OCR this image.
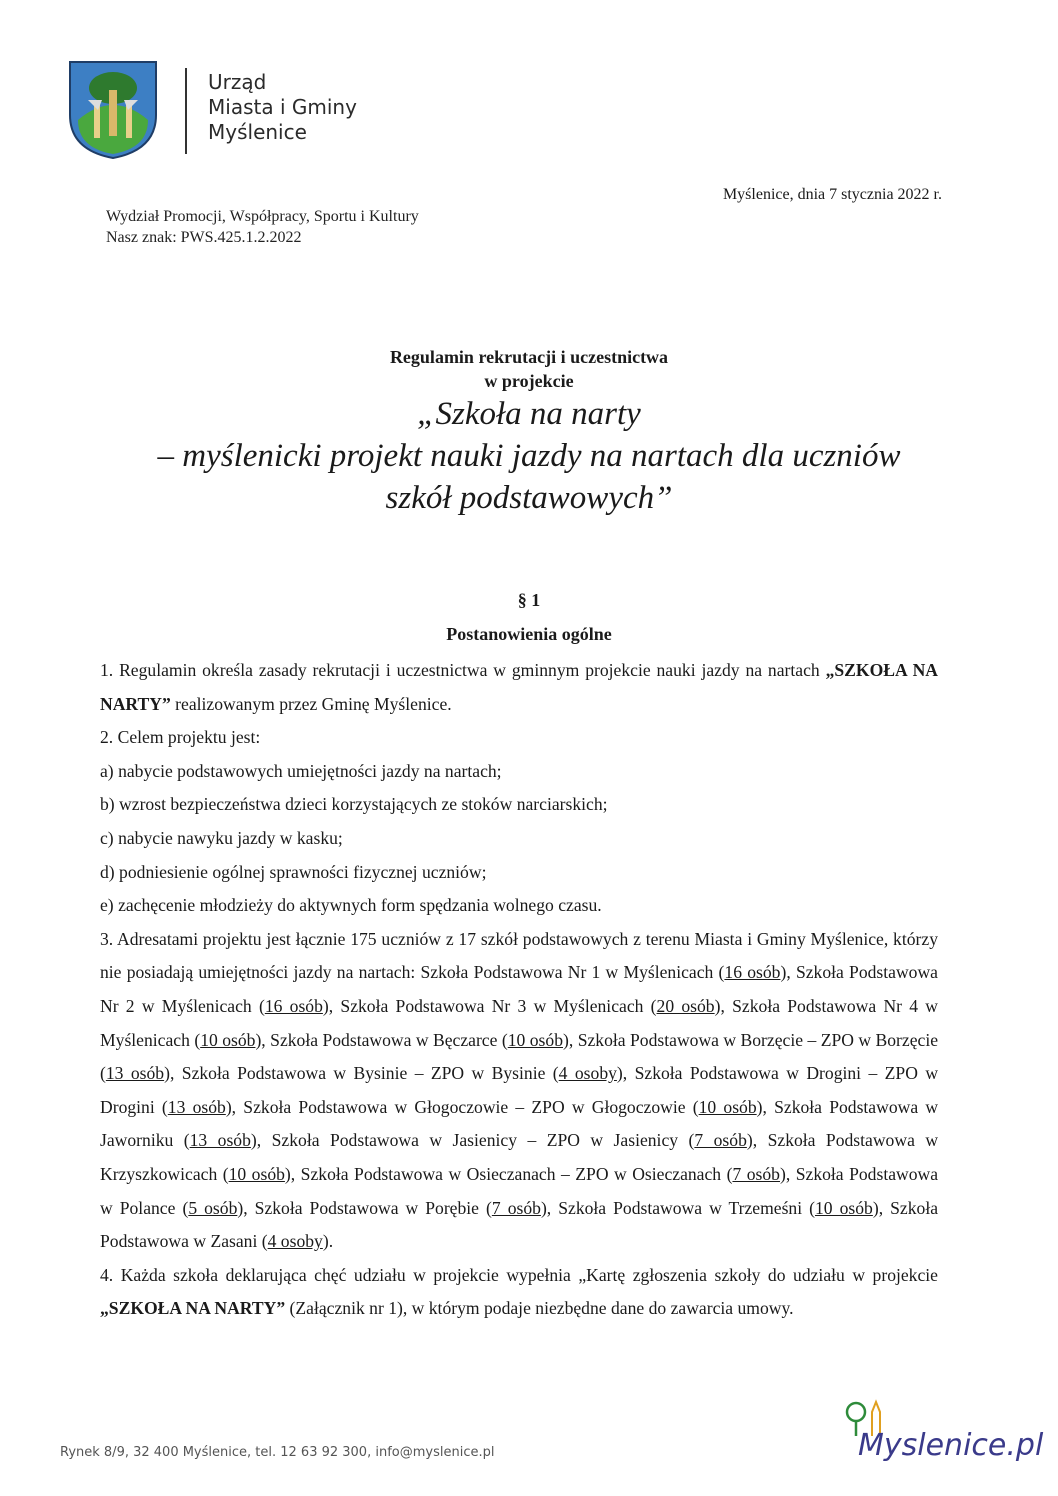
Urząd
Miasta i Gminy
Myślenice
Myślenice, dnia 7 stycznia 2022 r.
Wydział Promocji, Współpracy, Sportu i Kultury
Nasz znak: PWS.425.1.2.2022
Regulamin rekrutacji i uczestnictwa
w projekcie
„Szkoła na narty
– myślenicki projekt nauki jazdy na nartach dla uczniów
szkół podstawowych”
§ 1
Postanowienia ogólne

1. Regulamin określa zasady rekrutacji i uczestnictwa w gminnym projekcie nauki jazdy na nartach „SZKOŁA NA NARTY” realizowanym przez Gminę Myślenice.

2. Celem projektu jest:

a) nabycie podstawowych umiejętności jazdy na nartach;

b) wzrost bezpieczeństwa dzieci korzystających ze stoków narciarskich;

c) nabycie nawyku jazdy w kasku;

d) podniesienie ogólnej sprawności fizycznej uczniów;

e) zachęcenie młodzieży do aktywnych form spędzania wolnego czasu.

3. Adresatami projektu jest łącznie 175 uczniów z 17 szkół podstawowych z terenu Miasta i Gminy Myślenice, którzy nie posiadają umiejętności jazdy na nartach: Szkoła Podstawowa Nr 1 w Myślenicach (16 osób), Szkoła Podstawowa Nr 2 w Myślenicach (16 osób), Szkoła Podstawowa Nr 3 w Myślenicach (20 osób), Szkoła Podstawowa Nr 4 w Myślenicach (10 osób), Szkoła Podstawowa w Bęczarce (10 osób), Szkoła Podstawowa w Borzęcie – ZPO w Borzęcie (13 osób), Szkoła Podstawowa w Bysinie – ZPO w Bysinie (4 osoby), Szkoła Podstawowa w Droginі – ZPO w Droginі (13 osób), Szkoła Podstawowa w Głogoczowie – ZPO w Głogoczowie (10 osób), Szkoła Podstawowa w Jaworniku (13 osób), Szkoła Podstawowa w Jasienicy – ZPO w Jasienicy (7 osób), Szkoła Podstawowa w Krzyszkowicach (10 osób), Szkoła Podstawowa w Osieczanach – ZPO w Osieczanach (7 osób), Szkoła Podstawowa w Polance (5 osób), Szkoła Podstawowa w Porębie (7 osób), Szkoła Podstawowa w Trzemeśni (10 osób), Szkoła Podstawowa w Zasani (4 osoby).

4. Każda szkoła deklarująca chęć udziału w projekcie wypełnia „Kartę zgłoszenia szkoły do udziału w projekcie „SZKOŁA NA NARTY” (Załącznik nr 1), w którym podaje niezbędne dane do zawarcia umowy.

Rynek 8/9, 32 400 Myślenice, tel. 12 63 92 300, info@myslenice.pl	Myslenice.pl
